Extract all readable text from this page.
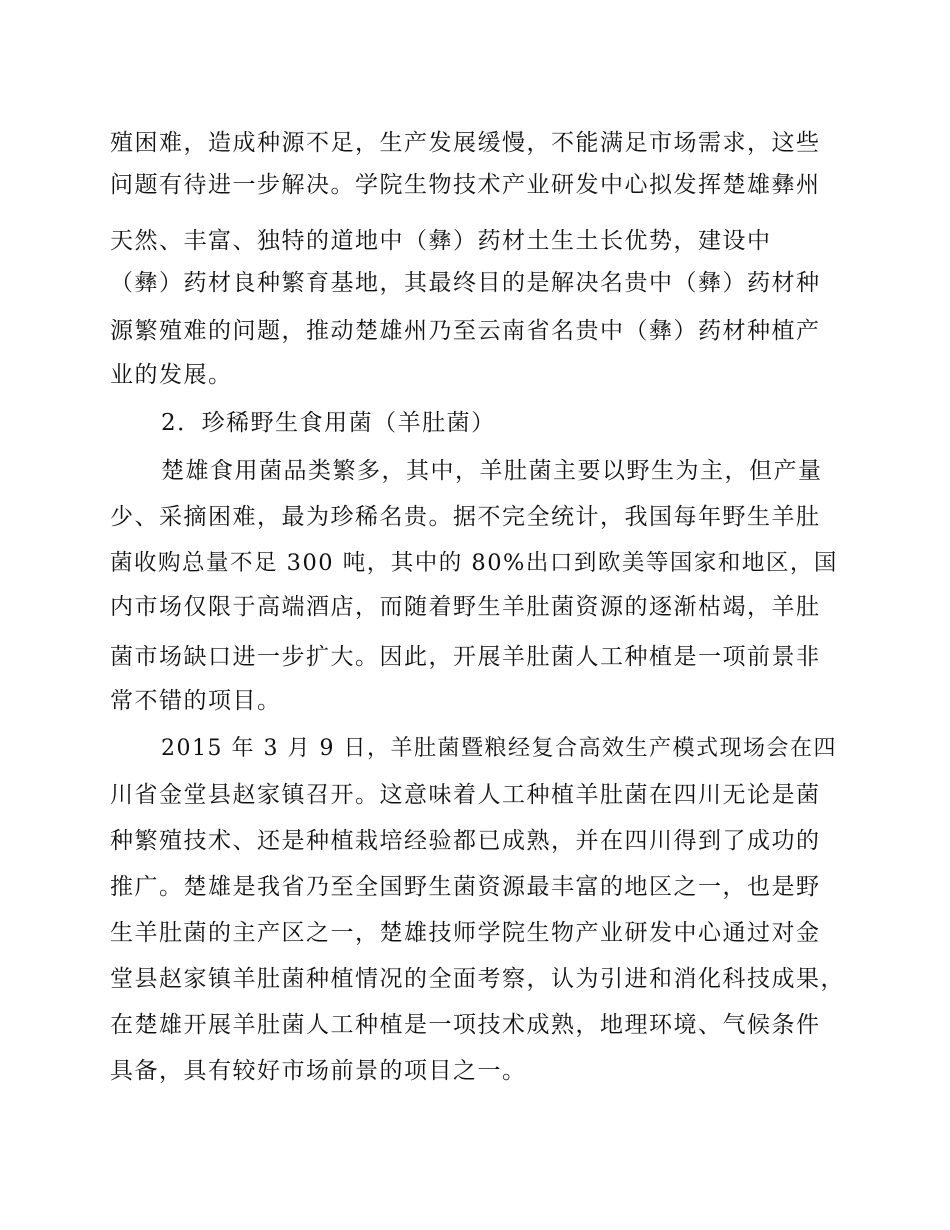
殖困难，造成种源不足，生产发展缓慢，不能满足市场需求，这些
问题有待进一步解决。学院生物技术产业研发中心拟发挥楚雄彝州
天然、丰富、独特的道地中（彝）药材土生土长优势，建设中
（彝）药材良种繁育基地，其最终目的是解决名贵中（彝）药材种
源繁殖难的问题，推动楚雄州乃至云南省名贵中（彝）药材种植产
业的发展。
2．珍稀野生食用菌（羊肚菌）
楚雄食用菌品类繁多，其中，羊肚菌主要以野生为主，但产量
少、采摘困难，最为珍稀名贵。据不完全统计，我国每年野生羊肚
菌收购总量不足 300 吨，其中的 80%出口到欧美等国家和地区，国
内市场仅限于高端酒店，而随着野生羊肚菌资源的逐渐枯竭，羊肚
菌市场缺口进一步扩大。因此，开展羊肚菌人工种植是一项前景非
常不错的项目。
2015 年 3 月 9 日，羊肚菌暨粮经复合高效生产模式现场会在四
川省金堂县赵家镇召开。这意味着人工种植羊肚菌在四川无论是菌
种繁殖技术、还是种植栽培经验都已成熟，并在四川得到了成功的
推广。楚雄是我省乃至全国野生菌资源最丰富的地区之一，也是野
生羊肚菌的主产区之一，楚雄技师学院生物产业研发中心通过对金
堂县赵家镇羊肚菌种植情况的全面考察，认为引进和消化科技成果，
在楚雄开展羊肚菌人工种植是一项技术成熟，地理环境、气候条件
具备，具有较好市场前景的项目之一。
